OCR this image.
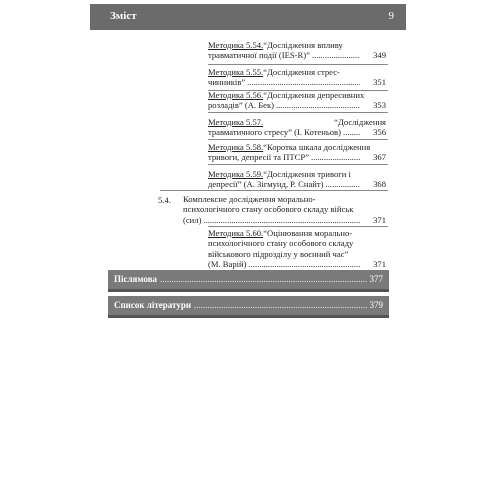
Зміст	9
Методика 5.54. “Дослідження впливу
травматичної події (IES-R)” .....	349
Методика 5.55. “Дослідження стрес-
чинників” .....	351
Методика 5.56. “Дослідження депресивних
розладів” (А. Бек) .....	353
Методика 5.57.	“Дослідження
травматичного стресу” (І. Котеньов) .....	356
Методика 5.58. “Коротка шкала дослідження
тривоги, депресії та ПТСР” .....	367
Методика 5.59. “Дослідження тривоги і
депресії” (А. Зігмунд, Р. Снайт) .....	368
5.4. Комплексне дослідження морально-
психологічного стану особового складу військ
(сил) .....	371
Методика 5.60. “Оцінювання морально-
психологічного стану особового складу
військового підрозділу у воєнний час”
(М. Варій) .....	371
Післямова .....	377
Список літератури .....	379
